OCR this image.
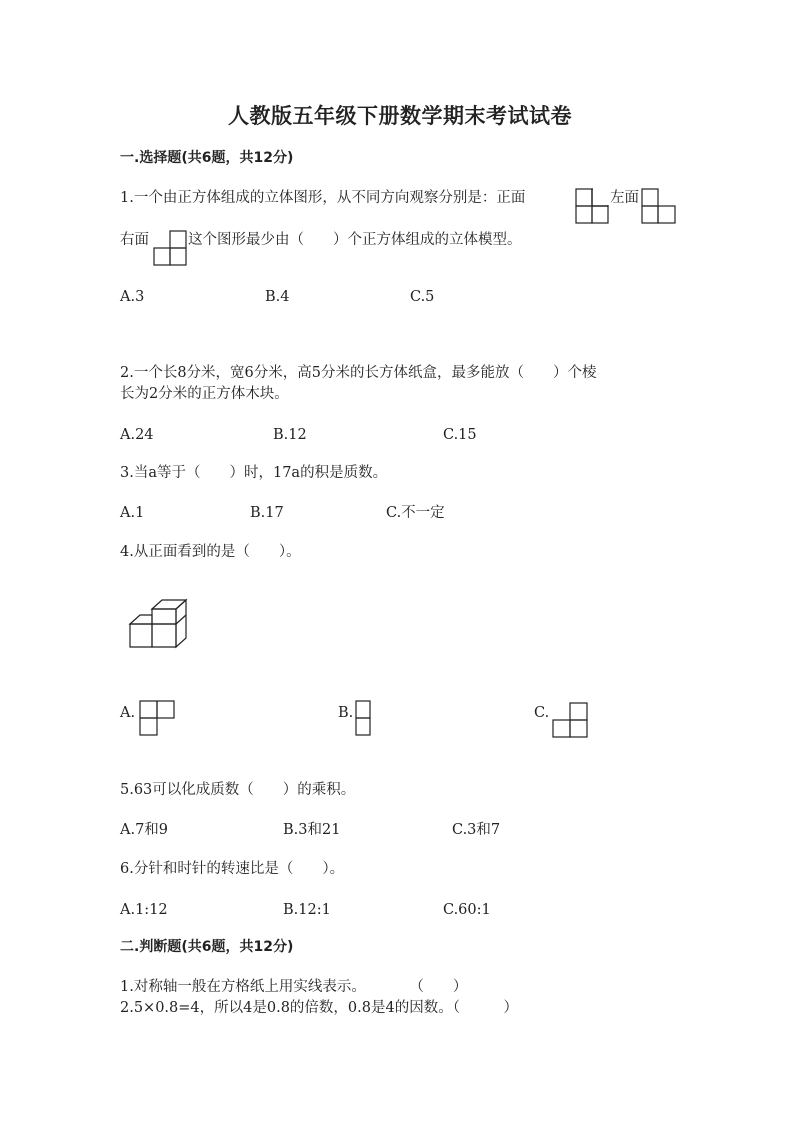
人教版五年级下册数学期末考试试卷
一.选择题(共6题，共12分)
1.一个由正方体组成的立体图形，从不同方向观察分别是：正面	左面
右面	这个图形最少由（　　）个正方体组成的立体模型。
A.3	B.4	C.5
2.一个长8分米，宽6分米，高5分米的长方体纸盒，最多能放（　　）个棱
长为2分米的正方体木块。
A.24	B.12	C.15
3.当a等于（　　）时，17a的积是质数。
A.1	B.17	C.不一定
4.从正面看到的是（　　）。
A.	B.	C.
5.63可以化成质数（　　）的乘积。
A.7和9	B.3和21	C.3和7
6.分针和时针的转速比是（　　）。
A.1:12	B.12:1	C.60:1
二.判断题(共6题，共12分)
1.对称轴一般在方格纸上用实线表示。　　　　（　　）
2.5×0.8=4，所以4是0.8的倍数，0.8是4的因数。（　　　）
